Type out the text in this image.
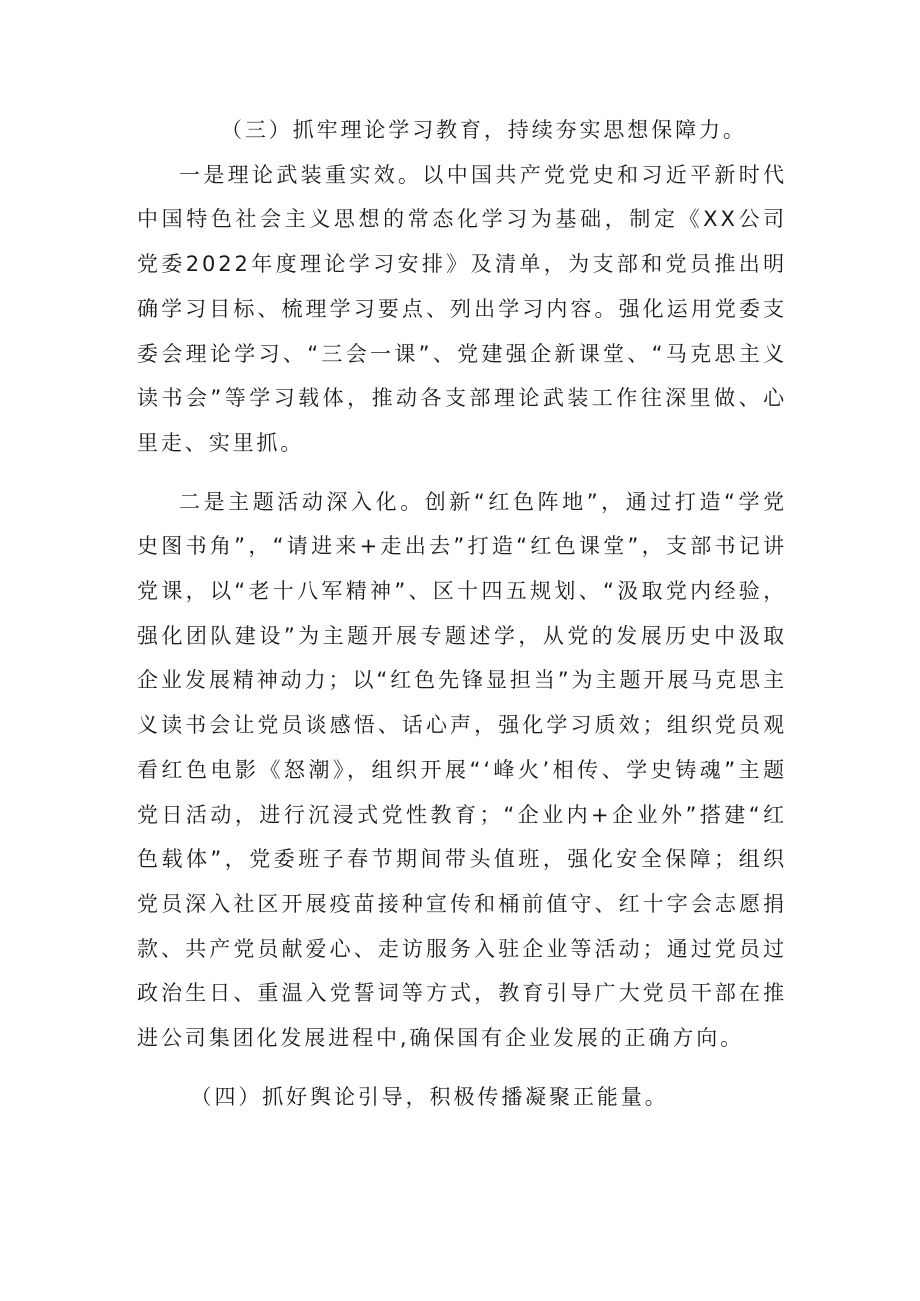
（三）抓牢理论学习教育，持续夯实思想保障力。

一是理论武装重实效。以中国共产党党史和习近平新时代中国特色社会主义思想的常态化学习为基础，制定《XX公司党委2022年度理论学习安排》及清单，为支部和党员推出明确学习目标、梳理学习要点、列出学习内容。强化运用党委支委会理论学习、“三会一课”、党建强企新课堂、“马克思主义读书会”等学习载体，推动各支部理论武装工作往深里做、心里走、实里抓。

二是主题活动深入化。创新“红色阵地”，通过打造“学党史图书角”，“请进来+走出去”打造“红色课堂”，支部书记讲党课，以“老十八军精神”、区十四五规划、“汲取党内经验，强化团队建设”为主题开展专题述学，从党的发展历史中汲取企业发展精神动力；以“红色先锋显担当”为主题开展马克思主义读书会让党员谈感悟、话心声，强化学习质效；组织党员观看红色电影《怒潮》，组织开展“‘峰火’相传、学史铸魂”主题党日活动，进行沉浸式党性教育；“企业内+企业外”搭建“红色载体”，党委班子春节期间带头值班，强化安全保障；组织党员深入社区开展疫苗接种宣传和桶前值守、红十字会志愿捐款、共产党员献爱心、走访服务入驻企业等活动；通过党员过政治生日、重温入党誓词等方式，教育引导广大党员干部在推进公司集团化发展进程中,确保国有企业发展的正确方向。

（四）抓好舆论引导，积极传播凝聚正能量。
